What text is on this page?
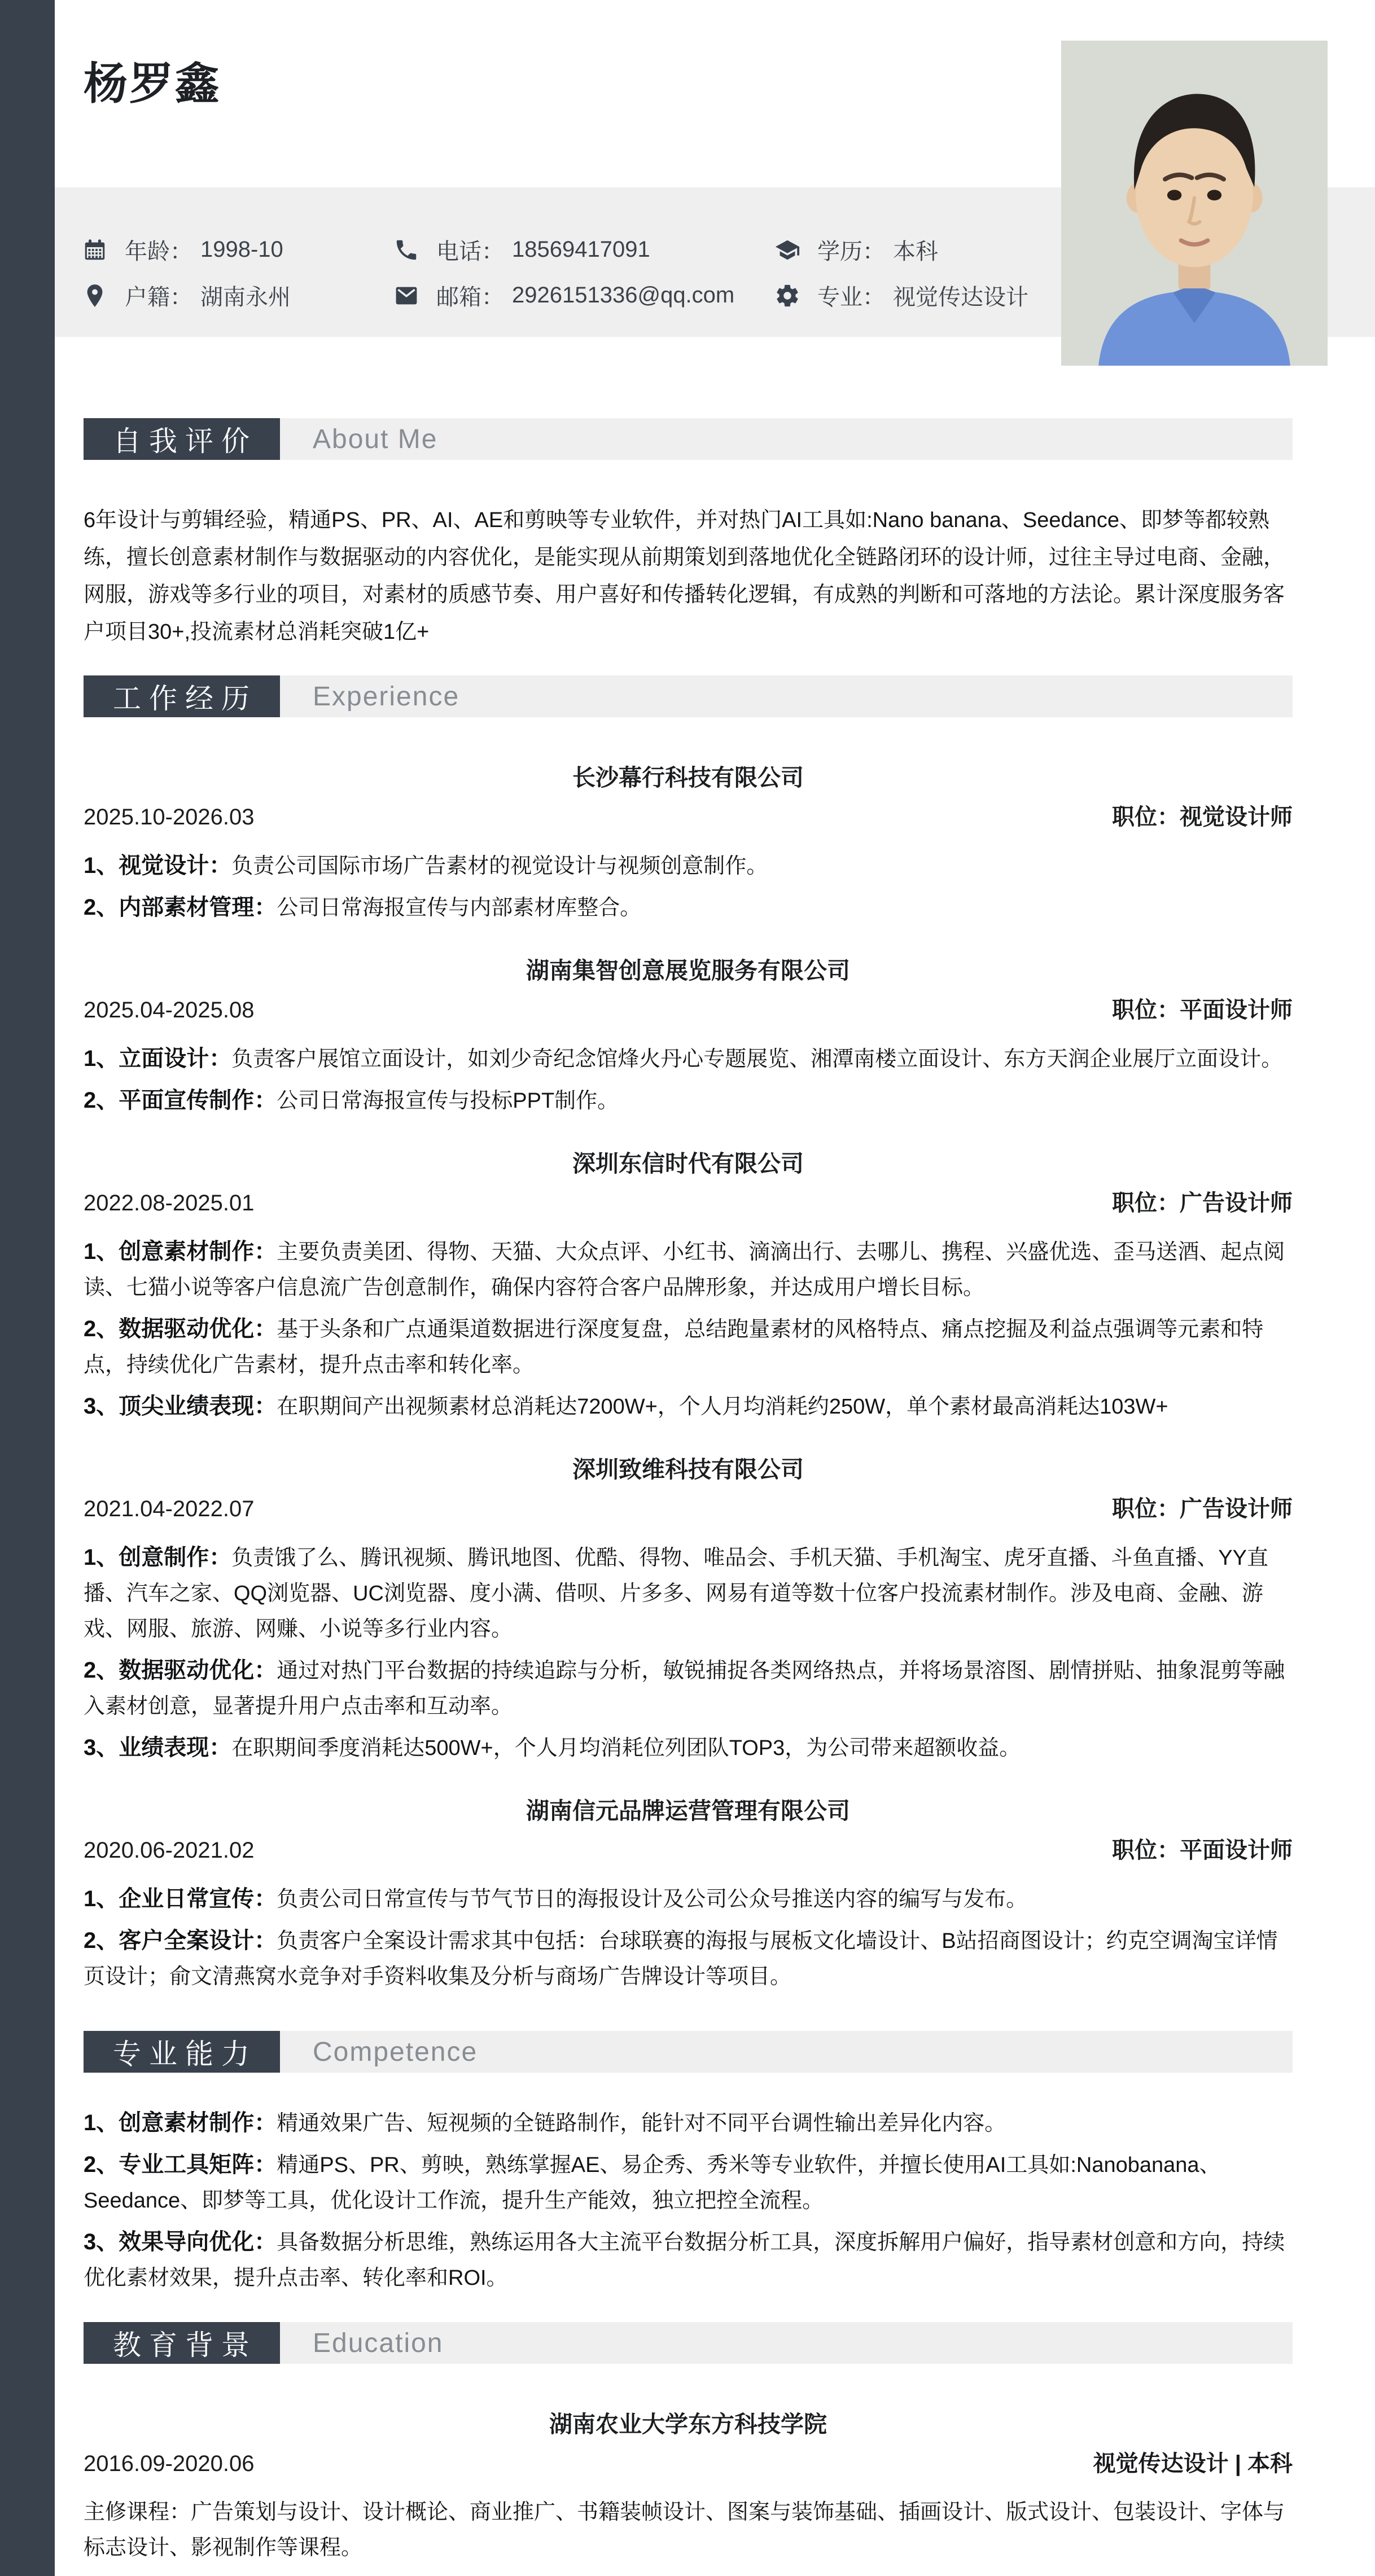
杨罗鑫
年龄： 1998-10	电话： 18569417091	学历： 本科
户籍： 湖南永州	邮箱： 2926151336@qq.com	专业： 视觉传达设计
自我评价	About Me
6年设计与剪辑经验，精通PS、PR、AI、AE和剪映等专业软件，并对热门AI工具如:Nano banana、Seedance、即梦等都较熟练，擅长创意素材制作与数据驱动的内容优化，是能实现从前期策划到落地优化全链路闭环的设计师，过往主导过电商、金融，网服，游戏等多行业的项目，对素材的质感节奏、用户喜好和传播转化逻辑，有成熟的判断和可落地的方法论。累计深度服务客户项目30+,投流素材总消耗突破1亿+
工作经历	Experience
长沙幕行科技有限公司
2025.10-2026.03	职位：视觉设计师
1、视觉设计：负责公司国际市场广告素材的视觉设计与视频创意制作。
2、内部素材管理：公司日常海报宣传与内部素材库整合。
湖南集智创意展览服务有限公司
2025.04-2025.08	职位：平面设计师
1、立面设计：负责客户展馆立面设计，如刘少奇纪念馆烽火丹心专题展览、湘潭南楼立面设计、东方天润企业展厅立面设计。
2、平面宣传制作：公司日常海报宣传与投标PPT制作。
深圳东信时代有限公司
2022.08-2025.01	职位：广告设计师
1、创意素材制作：主要负责美团、得物、天猫、大众点评、小红书、滴滴出行、去哪儿、携程、兴盛优选、歪马送酒、起点阅读、七猫小说等客户信息流广告创意制作，确保内容符合客户品牌形象，并达成用户增长目标。
2、数据驱动优化：基于头条和广点通渠道数据进行深度复盘，总结跑量素材的风格特点、痛点挖掘及利益点强调等元素和特点，持续优化广告素材，提升点击率和转化率。
3、顶尖业绩表现：在职期间产出视频素材总消耗达7200W+，个人月均消耗约250W，单个素材最高消耗达103W+
深圳致维科技有限公司
2021.04-2022.07	职位：广告设计师
1、创意制作：负责饿了么、腾讯视频、腾讯地图、优酷、得物、唯品会、手机天猫、手机淘宝、虎牙直播、斗鱼直播、YY直播、汽车之家、QQ浏览器、UC浏览器、度小满、借呗、片多多、网易有道等数十位客户投流素材制作。涉及电商、金融、游戏、网服、旅游、网赚、小说等多行业内容。
2、数据驱动优化：通过对热门平台数据的持续追踪与分析，敏锐捕捉各类网络热点，并将场景溶图、剧情拼贴、抽象混剪等融入素材创意，显著提升用户点击率和互动率。
3、业绩表现：在职期间季度消耗达500W+，个人月均消耗位列团队TOP3，为公司带来超额收益。
湖南信元品牌运营管理有限公司
2020.06-2021.02	职位：平面设计师
1、企业日常宣传：负责公司日常宣传与节气节日的海报设计及公司公众号推送内容的编写与发布。
2、客户全案设计：负责客户全案设计需求其中包括：台球联赛的海报与展板文化墙设计、B站招商图设计；约克空调淘宝详情页设计；俞文清燕窝水竞争对手资料收集及分析与商场广告牌设计等项目。
专业能力	Competence
1、创意素材制作：精通效果广告、短视频的全链路制作，能针对不同平台调性输出差异化内容。
2、专业工具矩阵：精通PS、PR、剪映，熟练掌握AE、易企秀、秀米等专业软件，并擅长使用AI工具如:Nanobanana、Seedance、即梦等工具，优化设计工作流，提升生产能效，独立把控全流程。
3、效果导向优化：具备数据分析思维，熟练运用各大主流平台数据分析工具，深度拆解用户偏好，指导素材创意和方向，持续优化素材效果，提升点击率、转化率和ROI。
教育背景	Education
湖南农业大学东方科技学院
2016.09-2020.06	视觉传达设计 | 本科
主修课程：广告策划与设计、设计概论、商业推广、书籍装帧设计、图案与装饰基础、插画设计、版式设计、包装设计、字体与标志设计、影视制作等课程。
